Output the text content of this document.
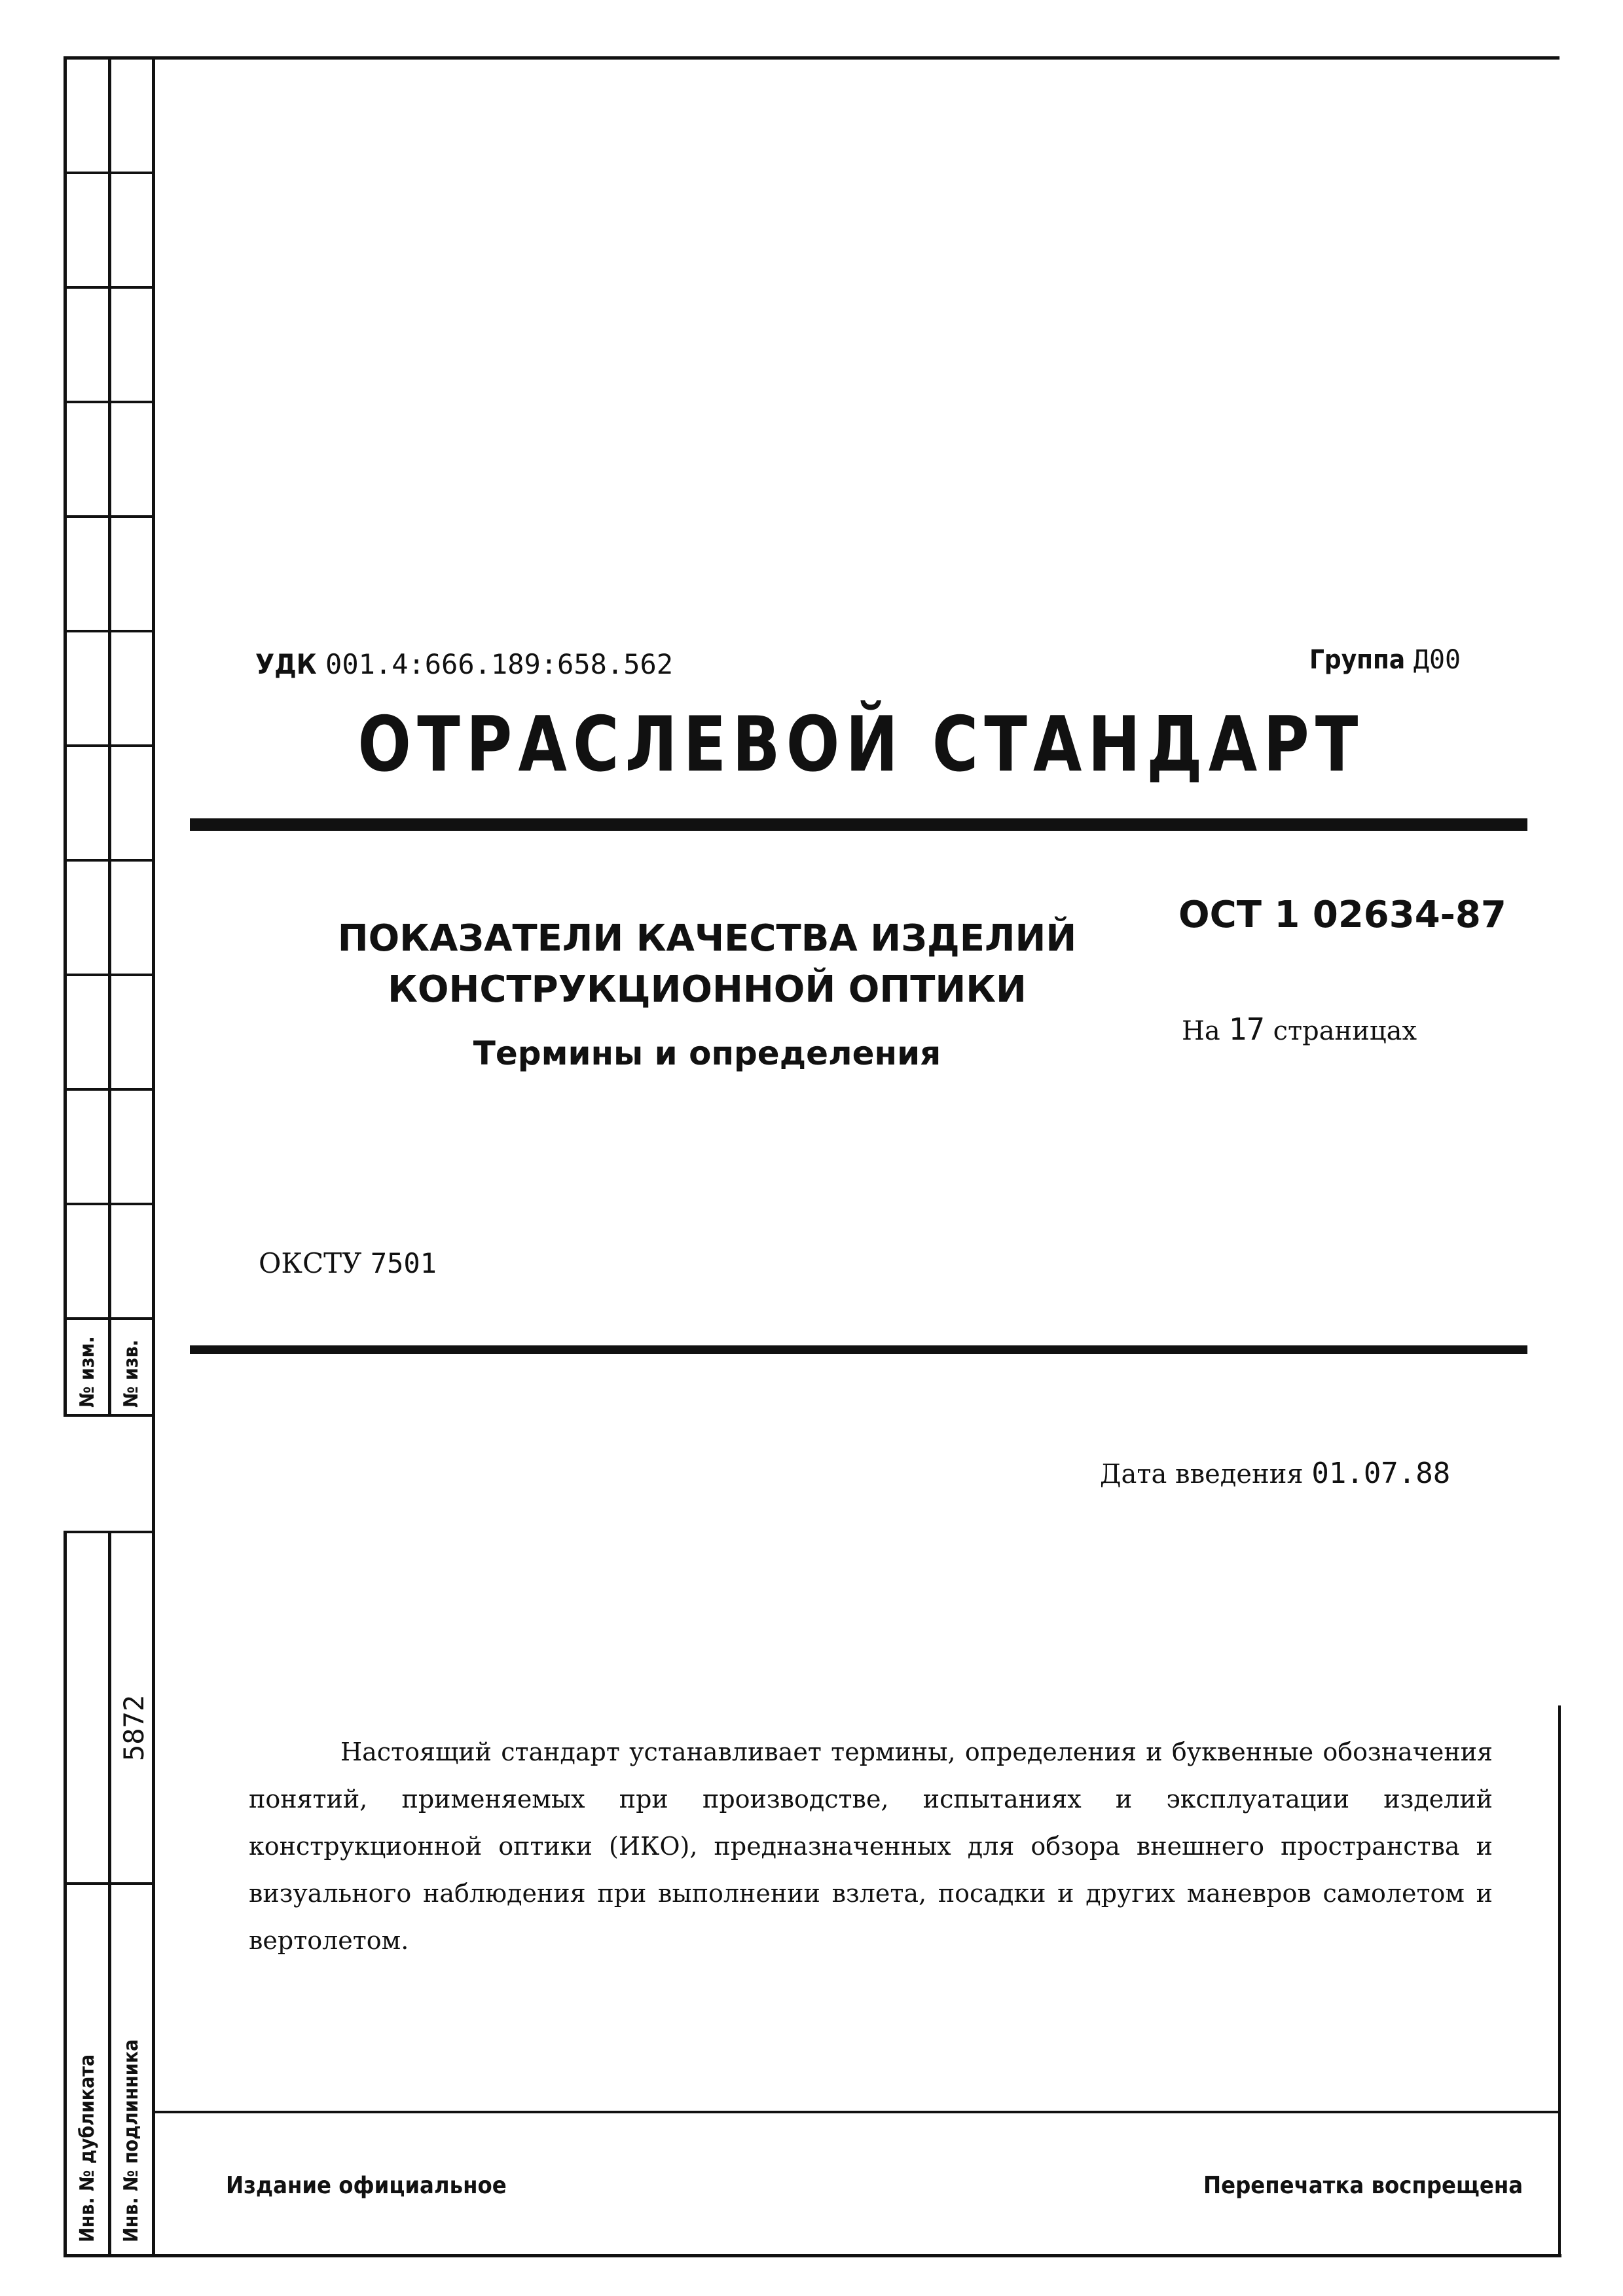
№ изм. № изв.
Инв. № дубликата Инв. № подлинника
5872
УДК 001.4:666.189:658.562	Группа Д00
ОТРАСЛЕВОЙ СТАНДАРТ
ПОКАЗАТЕЛИ КАЧЕСТВА ИЗДЕЛИЙ
КОНСТРУКЦИОННОЙ ОПТИКИ
Термины и определения
ОСТ 1 02634-87
На 17 страницах
ОКСТУ 7501
Дата введения 01.07.88

Настоящий стандарт устанавливает термины, определения и буквенные обозначения понятий, применяемых при производстве, испытаниях и эксплуатации изделий конструкционной оптики (ИКО), предназначенных для обзора внешнего пространства и визуального наблюдения при выполнении взлета, посадки и других маневров самолетом и вертолетом.

Издание официальное	Перепечатка воспрещена
